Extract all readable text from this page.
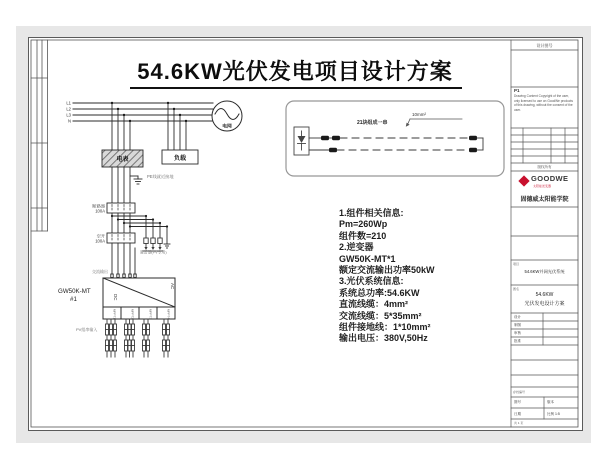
L1
L2
L3
N
电网
电表	负载
PE线就近接地
断路器
100A
避雷器(PV专用)
空开
100A
交流输出
DC
AC
GW50K-MT
#1
MPPT1	MPPT2	MPPT3	MPPT4
PV组串输入
21块组成一串
10mm²
54.6KW光伏发电项目设计方案
1.组件相关信息:
Pm=260Wp
组件数=210
2.逆变器
GW50K-MT*1
额定交流输出功率50kW
3.光伏系统信息:
系统总功率:54.6KW
直流线缆：4mm²
交流线缆：5*35mm²
组件接地线：1*10mm²
输出电压：380V,50Hz
设计图号
P1
Drawing Content Copyright of the user, only licensed to use on GoodWe products of this drawing, without the consent of the user.
版权所有
GOODWE
太阳能逆变器
固德威太阳能学院
项目
54.6KW并网光伏系统
图名
54.6KW
光伏发电设计方案
设计
制图
审核
批准
存档编号
图号	版本
日期	比例 1:5
共 1 页
